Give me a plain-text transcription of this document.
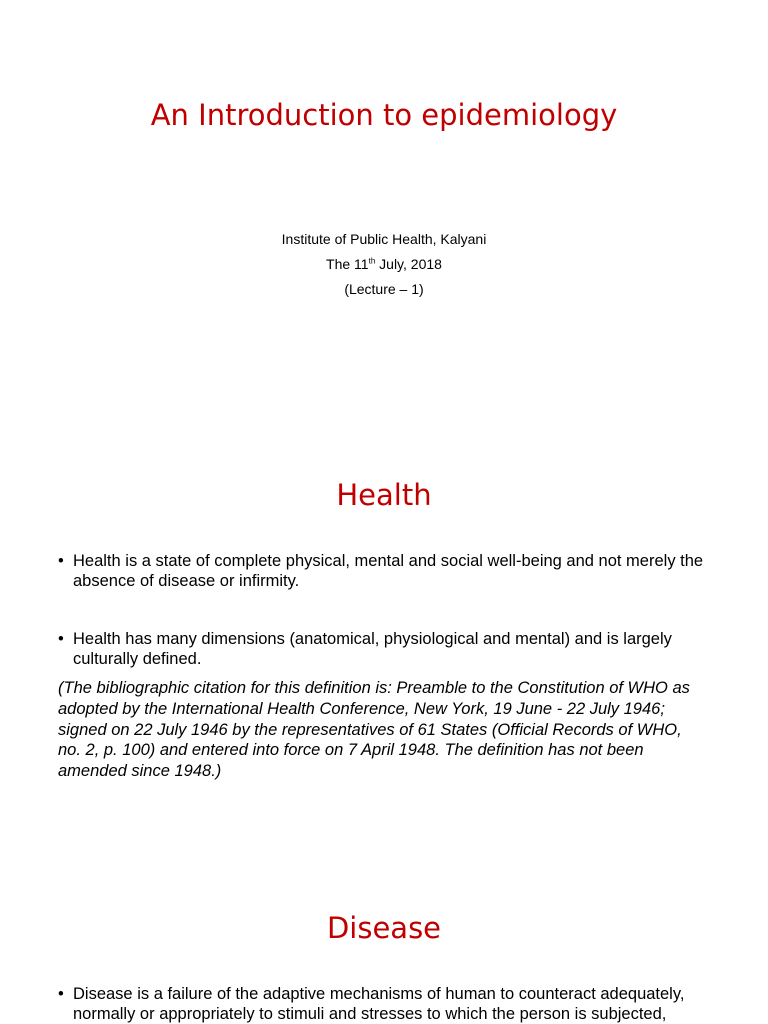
An Introduction to epidemiology
Institute of Public Health, Kalyani
The 11th July, 2018
(Lecture – 1)
Health
• Health is a state of complete physical, mental and social well-being and not merely the absence of disease or infirmity.
• Health has many dimensions (anatomical, physiological and mental) and is largely culturally defined.
(The bibliographic citation for this definition is: Preamble to the Constitution of WHO as adopted by the International Health Conference, New York, 19 June - 22 July 1946; signed on 22 July 1946 by the representatives of 61 States (Official Records of WHO, no. 2, p. 100) and entered into force on 7 April 1948. The definition has not been amended since 1948.)
Disease
• Disease is a failure of the adaptive mechanisms of human to counteract adequately, normally or appropriately to stimuli and stresses to which the person is subjected,
